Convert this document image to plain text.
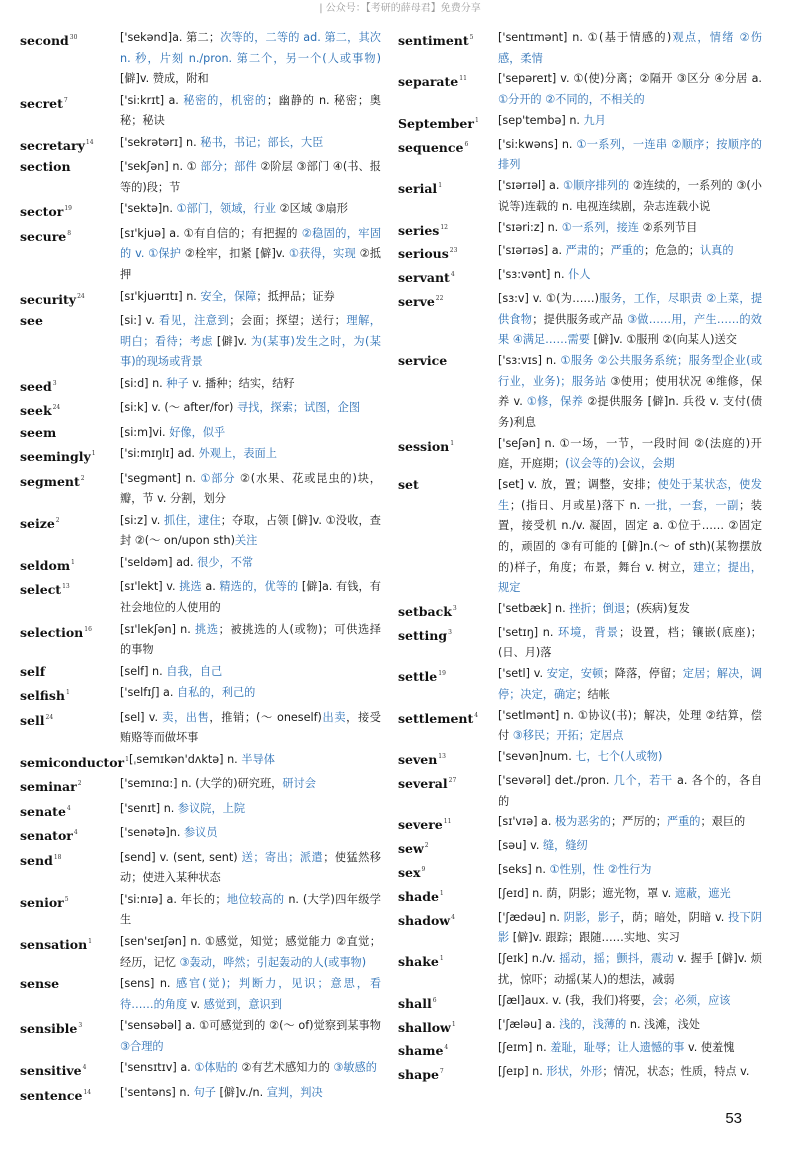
| 公众号：【考研的薛母君】免费分享
second$^{30}$	['sekənd]a. 第二；次等的，二等的 ad. 第二，其次 n. 秒，片刻 n./pron. 第二个，另一个(人或事物) [僻]v. 赞成，附和
secret$^7$	['si:krɪt] a. 秘密的，机密的；幽静的 n. 秘密；奥秘；秘诀
secretary$^{14}$	['sekrətərɪ] n. 秘书，书记；部长，大臣
section	['sekʃən] n. ① 部分；部件 ②阶层 ③部门 ④(书、报等的)段；节
sector$^{19}$	['sektə]n. ①部门，领域，行业 ②区域 ③扇形
secure$^8$	[sɪ'kjuə] a. ①有自信的；有把握的 ②稳固的，牢固的 v. ①保护 ②栓牢，扣紧 [僻]v. ①获得，实现 ②抵押
security$^{24}$	[sɪ'kjuərɪtɪ] n. 安全，保障；抵押品；证券
see	[si:] v. 看见，注意到；会面；探望；送行；理解，明白；看待；考虑 [僻]v. 为(某事)发生之时，为(某事)的现场或背景
seed$^3$	[si:d] n. 种子 v. 播种；结实，结籽
seek$^{24}$	[si:k] v. (～ after/for) 寻找，探索；试图，企图
seem	[si:m]vi. 好像，似乎
seemingly$^1$	['si:mɪŋlɪ] ad. 外观上，表面上
segment$^2$	['segmənt] n. ①部分 ②(水果、花或昆虫的)块，瓣，节 v. 分割，划分
seize$^2$	[si:z] v. 抓住，逮住；夺取，占领 [僻]v. ①没收，查封 ②(～ on/upon sth)关注
seldom$^1$	['seldəm] ad. 很少，不常
select$^{13}$	[sɪ'lekt] v. 挑选 a. 精选的，优等的 [僻]a. 有钱，有社会地位的人使用的
selection$^{16}$	[sɪ'lekʃən] n. 挑选；被挑选的人(或物)；可供选择的事物
self	[self] n. 自我，自己
selfish$^1$	['selfɪʃ] a. 自私的，利己的
sell$^{24}$	[sel] v. 卖，出售，推销；(～ oneself)出卖，接受贿赂等而做坏事
semiconductor$^1$ [ˌsemɪkən'dʌktə] n. 半导体
seminar$^2$	['semɪnɑ:] n. (大学的)研究班，研讨会
senate$^4$	['senɪt] n. 参议院，上院
senator$^4$	['senətə]n. 参议员
send$^{18}$	[send] v. (sent, sent) 送；寄出；派遣；使猛然移动；使进入某种状态
senior$^5$	['si:nɪə] a. 年长的；地位较高的 n. (大学)四年级学生
sensation$^1$	[sen'seɪʃən] n. ①感觉，知觉；感觉能力 ②直觉；经历，记忆 ③轰动，哗然；引起轰动的人(或事物)
sense	[sens] n. 感官(觉)；判断力，见识；意思，看待……的角度 v. 感觉到，意识到
sensible$^3$	['sensəbəl] a. ①可感觉到的 ②(～ of)觉察到某事物 ③合理的
sensitive$^4$	['sensɪtɪv] a. ①体贴的 ②有艺术感知力的 ③敏感的
sentence$^{14}$	['sentəns] n. 句子 [僻]v./n. 宣判，判决
sentiment$^5$	['sentɪmənt] n. ①(基于情感的)观点，情绪 ②伤感，柔情
separate$^{11}$	['sepəreɪt] v. ①(使)分离；②隔开 ③区分 ④分居 a. ①分开的 ②不同的，不相关的
September$^1$	[sep'tembə] n. 九月
sequence$^6$	['si:kwəns] n. ①一系列，一连串 ②顺序；按顺序的排列
serial$^1$	['sɪərɪəl] a. ①顺序排列的 ②连续的，一系列的 ③(小说等)连载的 n. 电视连续剧，杂志连载小说
series$^{12}$	['sɪəri:z] n. ①一系列，接连 ②系列节目
serious$^{23}$	['sɪərɪəs] a. 严肃的；严重的；危急的；认真的
servant$^4$	['sɜ:vənt] n. 仆人
serve$^{22}$	[sɜ:v] v. ①(为……)服务，工作，尽职责 ②上菜，提供食物；提供服务或产品 ③做……用，产生……的效果 ④满足……需要 [僻]v. ①服刑 ②(向某人)送交
service	['sɜ:vɪs] n. ①服务 ②公共服务系统；服务型企业(或行业，业务)；服务站 ③使用；使用状况 ④维修，保养 v. ①修，保养 ②提供服务 [僻]n. 兵役 v. 支付(债务)利息
session$^1$	['seʃən] n. ①一场，一节，一段时间 ②(法庭的)开庭，开庭期；(议会等的)会议，会期
set	[set] v. 放，置；调整，安排；使处于某状态，使发生；(指日、月或星)落下 n. 一批，一套，一副；装置，接受机 n./v. 凝固，固定 a. ①位于…… ②固定的，顽固的 ③有可能的 [僻]n.(～ of sth)(某物摆放的)样子，角度；布景，舞台 v. 树立，建立；提出，规定
setback$^3$	['setbæk] n. 挫折；倒退；(疾病)复发
setting$^3$	['setɪŋ] n. 环境，背景；设置，档；镶嵌(底座)；(日、月)落
settle$^{19}$	['setl] v. 安定，安顿；降落，停留；定居；解决，调停；决定，确定；结帐
settlement$^4$	['setlmənt] n. ①协议(书)；解决，处理 ②结算，偿付 ③移民；开拓；定居点
seven$^{13}$	['sevən]num. 七，七个(人或物)
several$^{27}$	['sevərəl] det./pron. 几个，若干 a. 各个的，各自的
severe$^{11}$	[sɪ'vɪə] a. 极为恶劣的；严厉的；严重的；艰巨的
sew$^2$	[səu] v. 缝，缝纫
sex$^9$	[seks] n. ①性别，性 ②性行为
shade$^1$	[ʃeɪd] n. 荫，阴影；遮光物，罩 v. 遮蔽，遮光
shadow$^4$	['ʃædəu] n. 阴影，影子，荫；暗处，阴暗 v. 投下阴影 [僻]v. 跟踪；跟随……实地、实习
shake$^1$	[ʃeɪk] n./v. 摇动，摇；颤抖，震动 v. 握手 [僻]v. 烦扰，惊吓；动摇(某人)的想法，减弱
shall$^6$	[ʃæl]aux. v. (我，我们)将要，会；必须，应该
shallow$^1$	['ʃæləu] a. 浅的，浅薄的 n. 浅滩，浅处
shame$^4$	[ʃeɪm] n. 羞耻，耻辱；让人遗憾的事 v. 使羞愧
shape$^7$	[ʃeɪp] n. 形状，外形；情况，状态；性质，特点 v.
53
